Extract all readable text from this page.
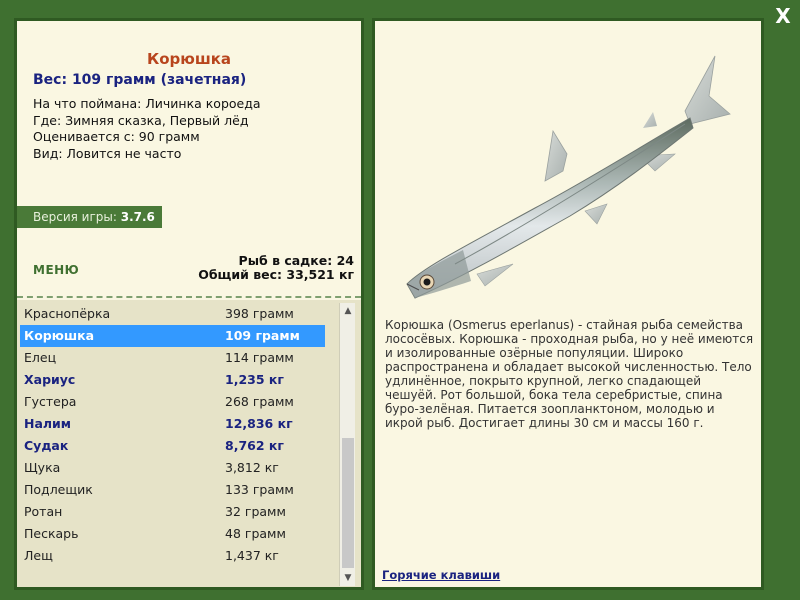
X
Корюшка
Вес: 109 грамм (зачетная)
На что поймана: Личинка короеда
Где: Зимняя сказка, Первый лёд
Оценивается с: 90 грамм
Вид: Ловится не часто
Версия игры: 3.7.6
МЕНЮ
Рыб в садке: 24
Общий вес: 33,521 кг
Краснопёрка	398 грамм
Корюшка	109 грамм
Елец	114 грамм
Хариус	1,235 кг
Густера	268 грамм
Налим	12,836 кг
Судак	8,762 кг
Щука	3,812 кг
Подлещик	133 грамм
Ротан	32 грамм
Пескарь	48 грамм
Лещ	1,437 кг
▲
▼
Корюшка (Osmerus eperlanus) - стайная рыба семейства лососёвых. Корюшка - проходная рыба, но у неё имеются и изолированные озёрные популяции. Широко распространена и обладает высокой численностью. Тело удлинённое, покрыто крупной, легко спадающей чешуёй. Рот большой, бока тела серебристые, спина буро-зелёная. Питается зоопланктоном, молодью и икрой рыб. Достигает длины 30 см и массы 160 г.
Горячие клавиши
